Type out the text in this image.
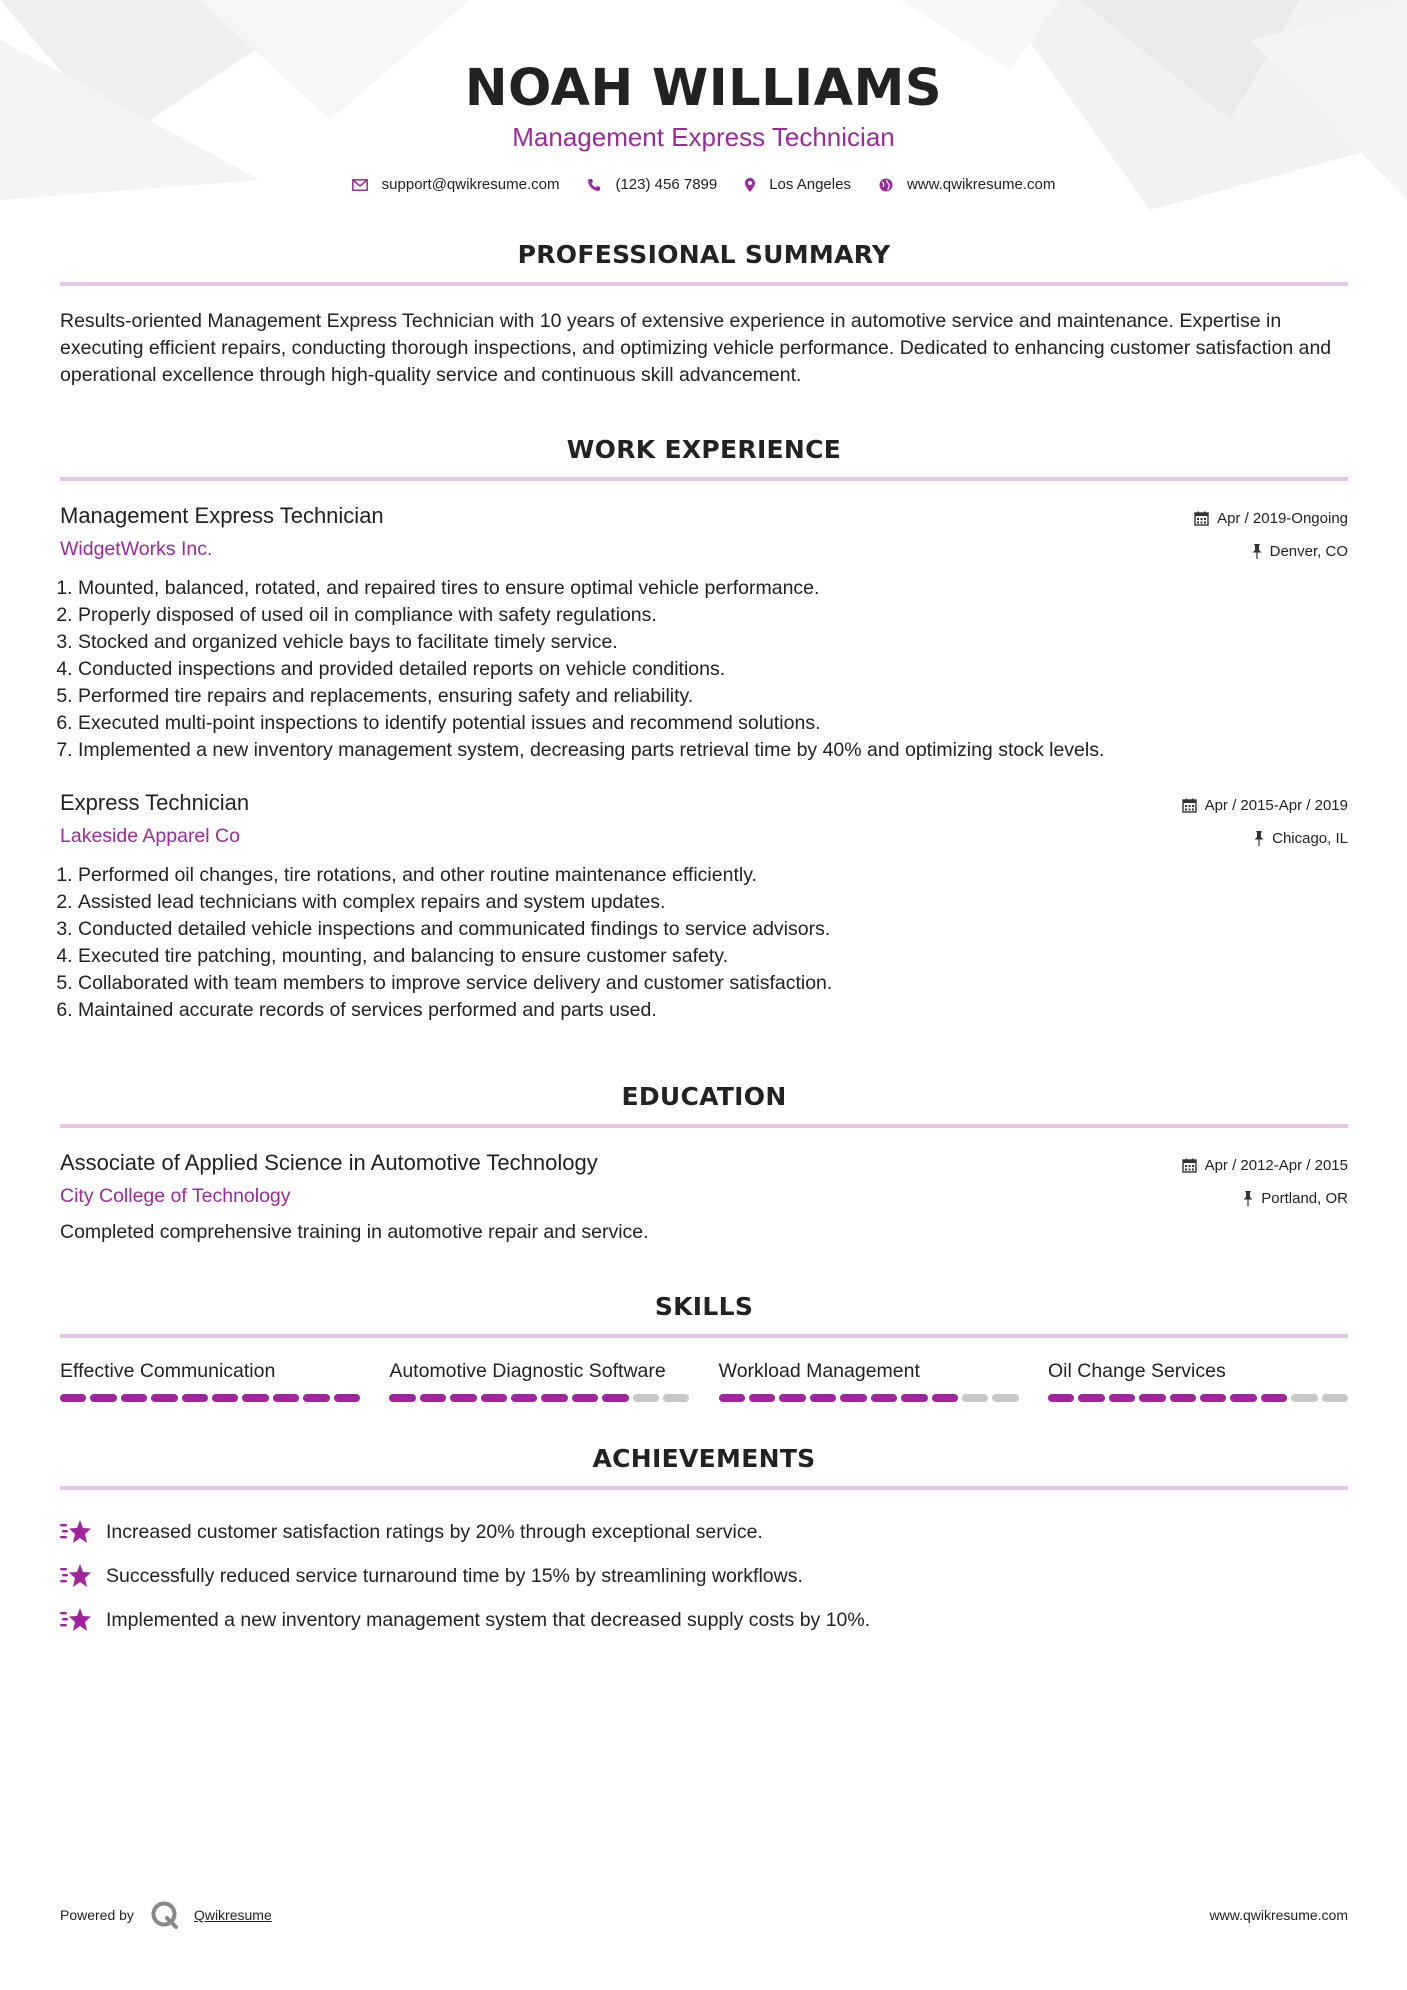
NOAH WILLIAMS
Management Express Technician
support@qwikresume.com	(123) 456 7899	Los Angeles	www.qwikresume.com
PROFESSIONAL SUMMARY

Results-oriented Management Express Technician with 10 years of extensive experience in automotive service and maintenance. Expertise in executing efficient repairs, conducting thorough inspections, and optimizing vehicle performance. Dedicated to enhancing customer satisfaction and operational excellence through high-quality service and continuous skill advancement.

WORK EXPERIENCE
Management Express Technician
WidgetWorks Inc.
Apr / 2019-Ongoing
Denver, CO
1. Mounted, balanced, rotated, and repaired tires to ensure optimal vehicle performance.
2. Properly disposed of used oil in compliance with safety regulations.
3. Stocked and organized vehicle bays to facilitate timely service.
4. Conducted inspections and provided detailed reports on vehicle conditions.
5. Performed tire repairs and replacements, ensuring safety and reliability.
6. Executed multi-point inspections to identify potential issues and recommend solutions.
7. Implemented a new inventory management system, decreasing parts retrieval time by 40% and optimizing stock levels.
Express Technician
Lakeside Apparel Co
Apr / 2015-Apr / 2019
Chicago, IL
1. Performed oil changes, tire rotations, and other routine maintenance efficiently.
2. Assisted lead technicians with complex repairs and system updates.
3. Conducted detailed vehicle inspections and communicated findings to service advisors.
4. Executed tire patching, mounting, and balancing to ensure customer safety.
5. Collaborated with team members to improve service delivery and customer satisfaction.
6. Maintained accurate records of services performed and parts used.
EDUCATION
Associate of Applied Science in Automotive Technology
City College of Technology
Apr / 2012-Apr / 2015
Portland, OR

Completed comprehensive training in automotive repair and service.

SKILLS
Effective Communication	Automotive Diagnostic Software	Workload Management	Oil Change Services
ACHIEVEMENTS
Increased customer satisfaction ratings by 20% through exceptional service.
Successfully reduced service turnaround time by 15% by streamlining workflows.
Implemented a new inventory management system that decreased supply costs by 10%.
Powered by	Qwikresume	www.qwikresume.com
